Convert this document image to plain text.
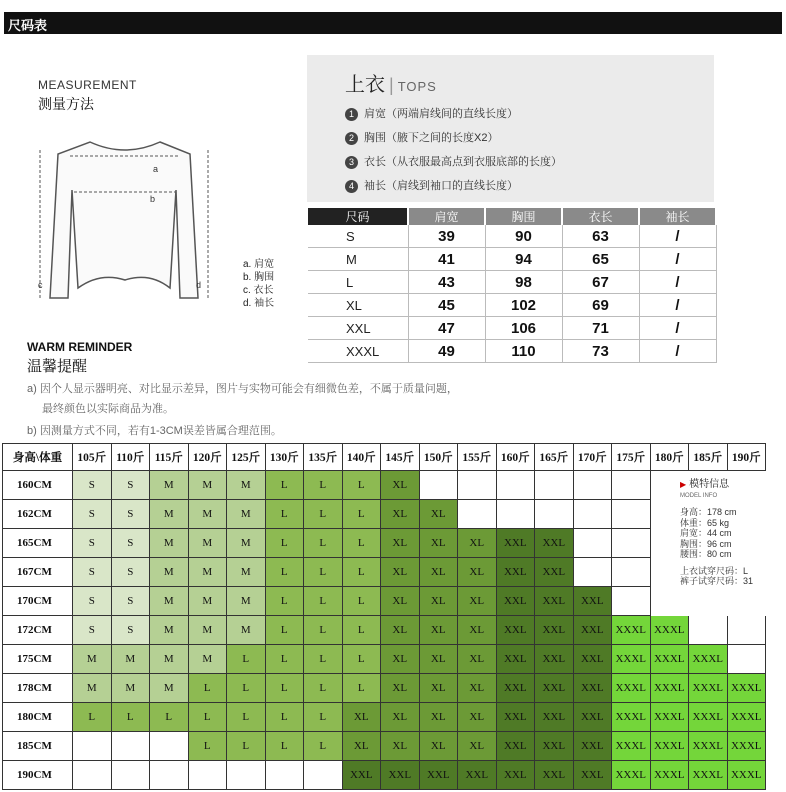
尺码表
MEASUREMENT
测量方法
a
b
c	d
a. 肩宽
b. 胸围
c. 衣长
d. 袖长
上衣 | TOPS
1 肩宽（两端肩线间的直线长度）
2 胸围（腋下之间的长度X2）
3 衣长（从衣服最高点到衣服底部的长度）
4 袖长（肩线到袖口的直线长度）
尺码	肩宽	胸围	衣长	袖长
S	39	90	63	/
M	41	94	65	/
L	43	98	67	/
XL	45	102	69	/
XXL	47	106	71	/
XXXL	49	110	73	/
WARM REMINDER
温馨提醒
a) 因个人显示器明亮、对比显示差异，图片与实物可能会有细微色差，不属于质量问题，
最终颜色以实际商品为准。
b) 因测量方式不同，若有1-3CM误差皆属合理范围。
身高\体重	105斤	110斤	115斤	120斤	125斤	130斤	135斤	140斤	145斤	150斤	155斤	160斤	165斤	170斤	175斤	180斤	185斤	190斤
160CM	S	S	M	M	M	L	L	L	XL									
162CM	S	S	M	M	M	L	L	L	XL	XL								
165CM	S	S	M	M	M	L	L	L	XL	XL	XL	XXL	XXL					
167CM	S	S	M	M	M	L	L	L	XL	XL	XL	XXL	XXL					
170CM	S	S	M	M	M	L	L	L	XL	XL	XL	XXL	XXL	XXL				
172CM	S	S	M	M	M	L	L	L	XL	XL	XL	XXL	XXL	XXL	XXXL	XXXL		
175CM	M	M	M	M	L	L	L	L	XL	XL	XL	XXL	XXL	XXL	XXXL	XXXL	XXXL	
178CM	M	M	M	L	L	L	L	L	XL	XL	XL	XXL	XXL	XXL	XXXL	XXXL	XXXL	XXXL
180CM	L	L	L	L	L	L	L	XL	XL	XL	XL	XXL	XXL	XXL	XXXL	XXXL	XXXL	XXXL
185CM				L	L	L	L	XL	XL	XL	XL	XXL	XXL	XXL	XXXL	XXXL	XXXL	XXXL
190CM								XXL	XXL	XXL	XXL	XXL	XXL	XXL	XXXL	XXXL	XXXL	XXXL
▶ 模特信息
MODEL INFO
身高：178 cm
体重：65 kg
肩宽：44 cm
胸围：96 cm
腰围：80 cm
上衣试穿尺码：L
裤子试穿尺码：31
